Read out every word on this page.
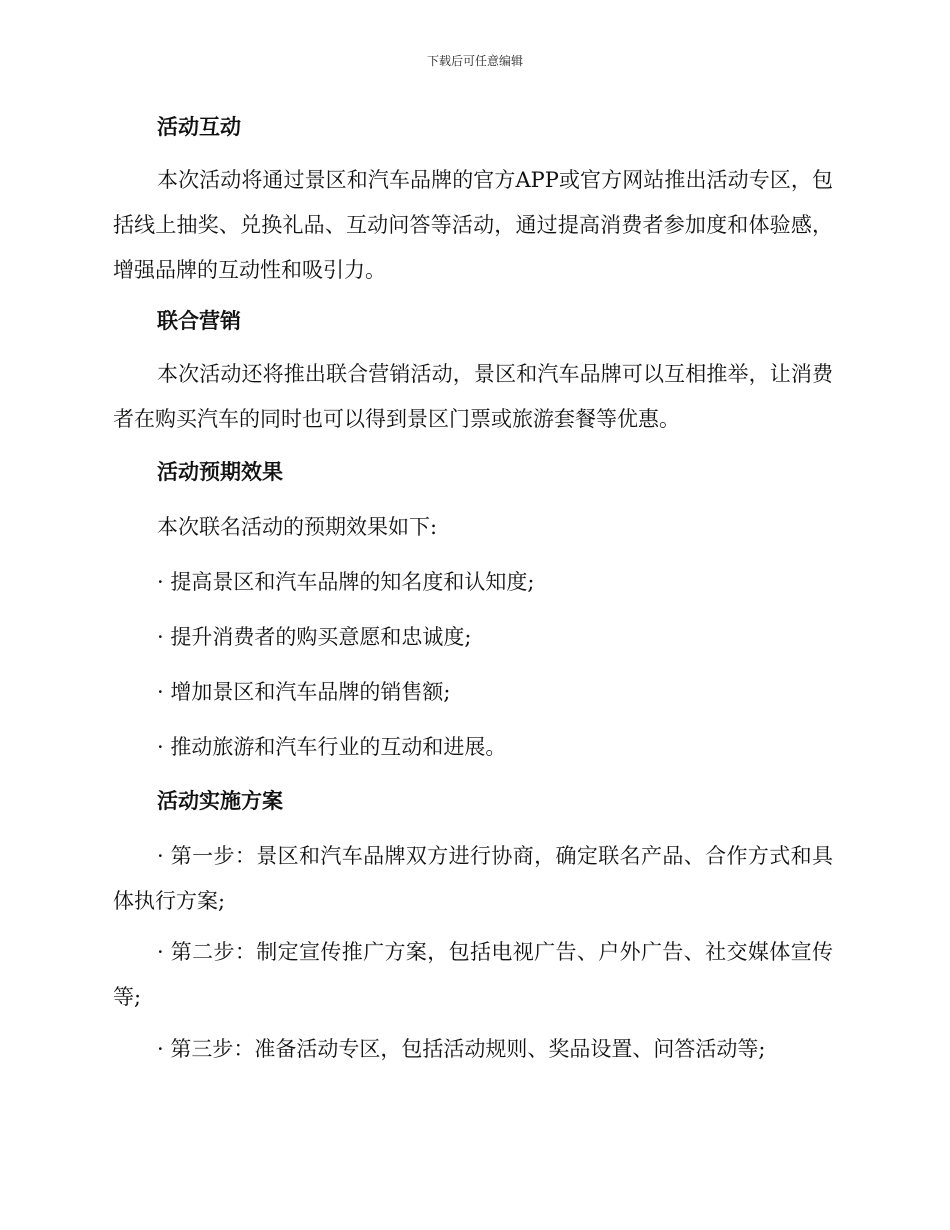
下载后可任意编辑
活动互动
本次活动将通过景区和汽车品牌的官方APP或官方网站推出活动专区，包括线上抽奖、兑换礼品、互动问答等活动，通过提高消费者参加度和体验感，增强品牌的互动性和吸引力。
联合营销
本次活动还将推出联合营销活动，景区和汽车品牌可以互相推举，让消费者在购买汽车的同时也可以得到景区门票或旅游套餐等优惠。
活动预期效果
本次联名活动的预期效果如下:
· 提高景区和汽车品牌的知名度和认知度;
· 提升消费者的购买意愿和忠诚度;
· 增加景区和汽车品牌的销售额;
· 推动旅游和汽车行业的互动和进展。
活动实施方案
· 第一步：景区和汽车品牌双方进行协商，确定联名产品、合作方式和具体执行方案;
· 第二步：制定宣传推广方案，包括电视广告、户外广告、社交媒体宣传等;
· 第三步：准备活动专区，包括活动规则、奖品设置、问答活动等;
